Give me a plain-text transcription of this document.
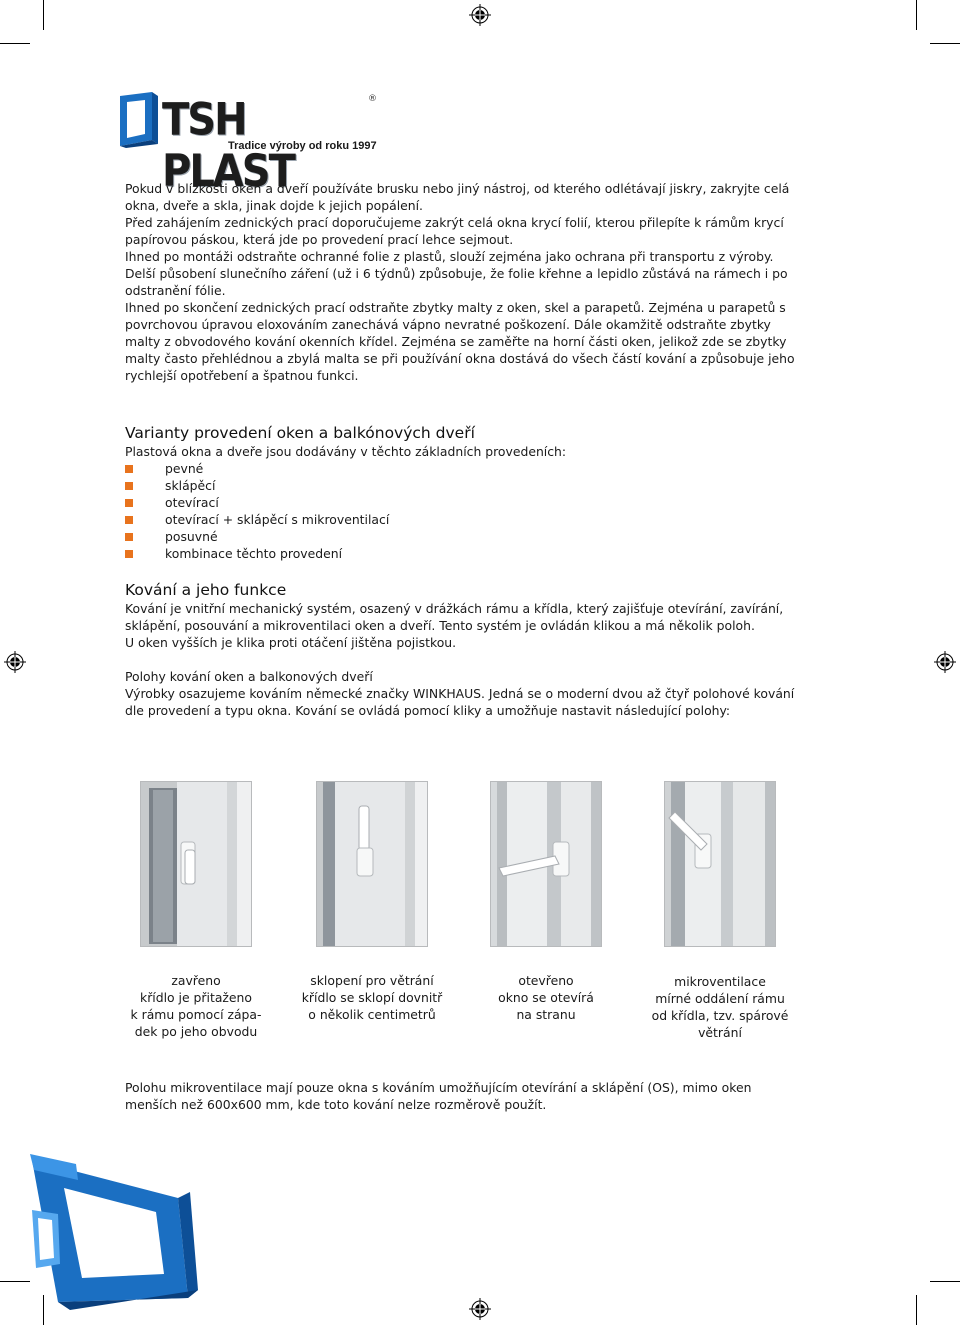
TSH PLAST
®
Tradice výroby od roku 1997

Pokud v blízkosti oken a dveří používáte brusku nebo jiný nástroj, od kterého odlétávají jiskry, zakryjte celá okna, dveře a skla, jinak dojde k jejich popálení.

Před zahájením zednických prací doporučujeme zakrýt celá okna krycí folií, kterou přilepíte k rámům krycí papírovou páskou, která jde po provedení prací lehce sejmout.

Ihned po montáži odstraňte ochranné folie z plastů, slouží zejména jako ochrana při transportu z výroby.

Delší působení slunečního záření (už i 6 týdnů) způsobuje, že folie křehne a lepidlo zůstává na rámech i po odstranění fólie.

Ihned po skončení zednických prací odstraňte zbytky malty z oken, skel a parapetů. Zejména u parapetů s povrchovou úpravou eloxováním zanechává vápno nevratné poškození. Dále okamžitě odstraňte zbytky malty z obvodového kování okenních křídel. Zejména se zaměřte na horní části oken, jelikož zde se zbytky malty často přehlédnou a zbylá malta se při používání okna dostává do všech částí kování a způsobuje jeho rychlejší opotřebení a špatnou funkci.

Varianty provedení oken a balkónových dveří

Plastová okna a dveře jsou dodávány v těchto základních provedeních:

pevné
sklápěcí
otevírací
otevírací + sklápěcí s mikroventilací
posuvné
kombinace těchto provedení
Kování a jeho funkce

Kování je vnitřní mechanický systém, osazený v drážkách rámu a křídla, který zajišťuje otevírání, zavírání, sklápění, posouvání a mikroventilaci oken a dveří. Tento systém je ovládán klikou a má několik poloh.

U oken vyšších je klika proti otáčení jištěna pojistkou.

Polohy kování oken a balkonových dveří

Výrobky osazujeme kováním německé značky WINKHAUS. Jedná se o moderní dvou až čtyř polohové kování dle provedení a typu okna. Kování se ovládá pomocí kliky a umožňuje nastavit následující polohy:

zavřeno
křídlo je přitaženo
k rámu pomocí zápa-
dek po jeho obvodu
sklopení pro větrání
křídlo se sklopí dovnitř
o několik centimetrů
otevřeno
okno se otevírá
na stranu
mikroventilace
mírné oddálení rámu
od křídla, tzv. spárové
větrání

Polohu mikroventilace mají pouze okna s kováním umožňujícím otevírání a sklápění (OS), mimo oken menších než 600x600 mm, kde toto kování nelze rozměrově použít.
